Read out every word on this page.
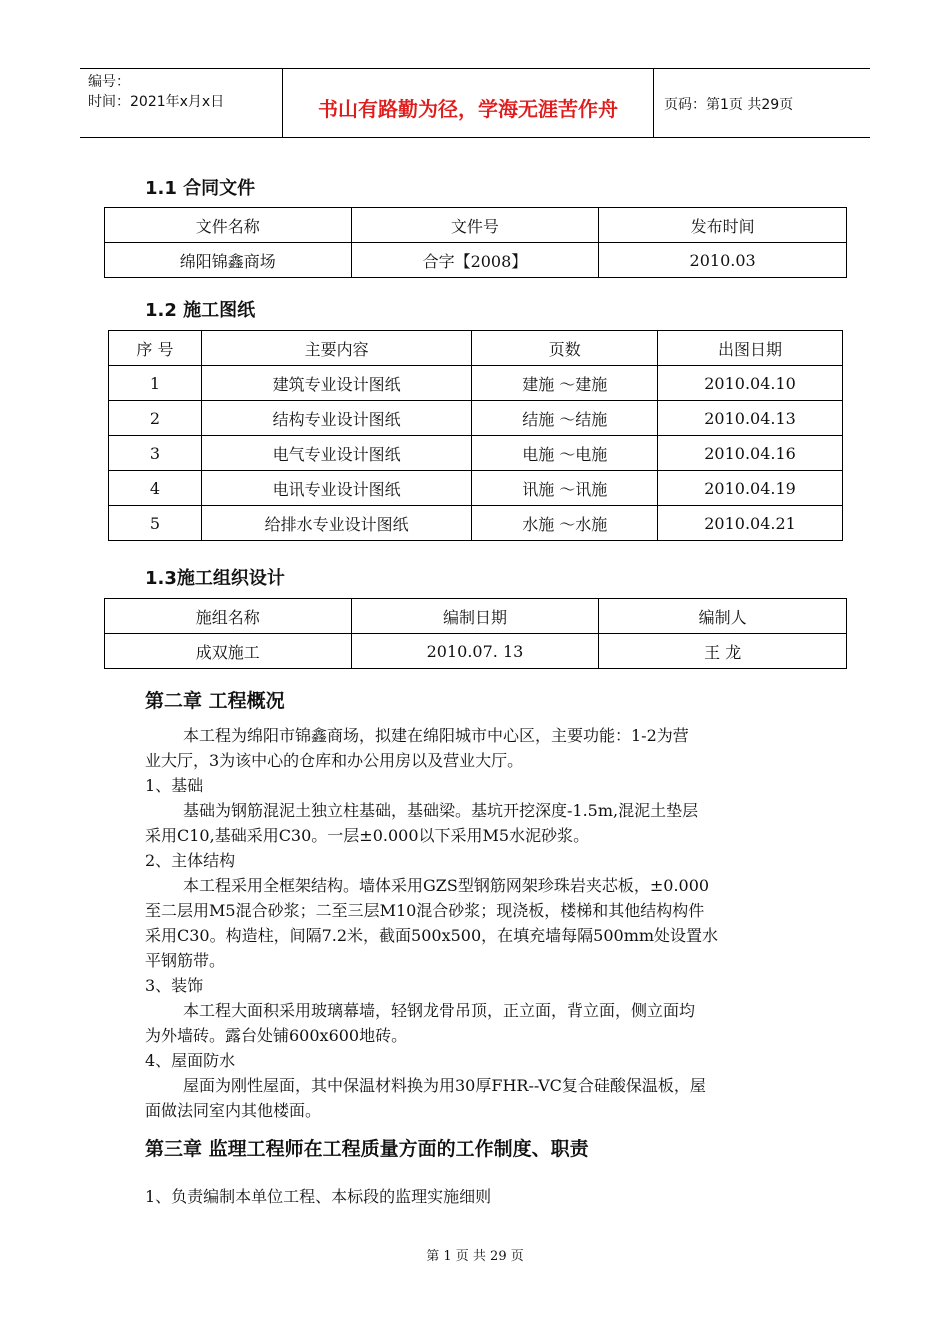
编号：
时间：2021年x月x日	书山有路勤为径，学海无涯苦作舟	页码：第1页 共29页
1.1 合同文件
文件名称	文件号	发布时间
绵阳锦鑫商场	合字【2008】	2010.03
1.2 施工图纸
序 号	主要内容	页数	出图日期
1	建筑专业设计图纸	建施 ～建施	2010.04.10
2	结构专业设计图纸	结施 ～结施	2010.04.13
3	电气专业设计图纸	电施 ～电施	2010.04.16
4	电讯专业设计图纸	讯施 ～讯施	2010.04.19
5	给排水专业设计图纸	水施 ～水施	2010.04.21
1.3施工组织设计
施组名称	编制日期	编制人
成双施工	2010.07. 13	王 龙
第二章 工程概况

本工程为绵阳市锦鑫商场，拟建在绵阳城市中心区，主要功能：1-2为营

业大厅，3为该中心的仓库和办公用房以及营业大厅。

1、基础

基础为钢筋混泥土独立柱基础，基础梁。基坑开挖深度-1.5m,混泥土垫层

采用C10,基础采用C30。一层±0.000以下采用M5水泥砂浆。

2、主体结构

本工程采用全框架结构。墙体采用GZS型钢筋网架珍珠岩夹芯板，±0.000

至二层用M5混合砂浆；二至三层M10混合砂浆；现浇板，楼梯和其他结构构件

采用C30。构造柱，间隔7.2米，截面500x500，在填充墙每隔500mm处设置水

平钢筋带。

3、装饰

本工程大面积采用玻璃幕墙，轻钢龙骨吊顶，正立面，背立面，侧立面均

为外墙砖。露台处铺600x600地砖。

4、屋面防水

屋面为刚性屋面，其中保温材料换为用30厚FHR--VC复合硅酸保温板，屋

面做法同室内其他楼面。

第三章 监理工程师在工程质量方面的工作制度、职责

1、负责编制本单位工程、本标段的监理实施细则

第 1 页 共 29 页
